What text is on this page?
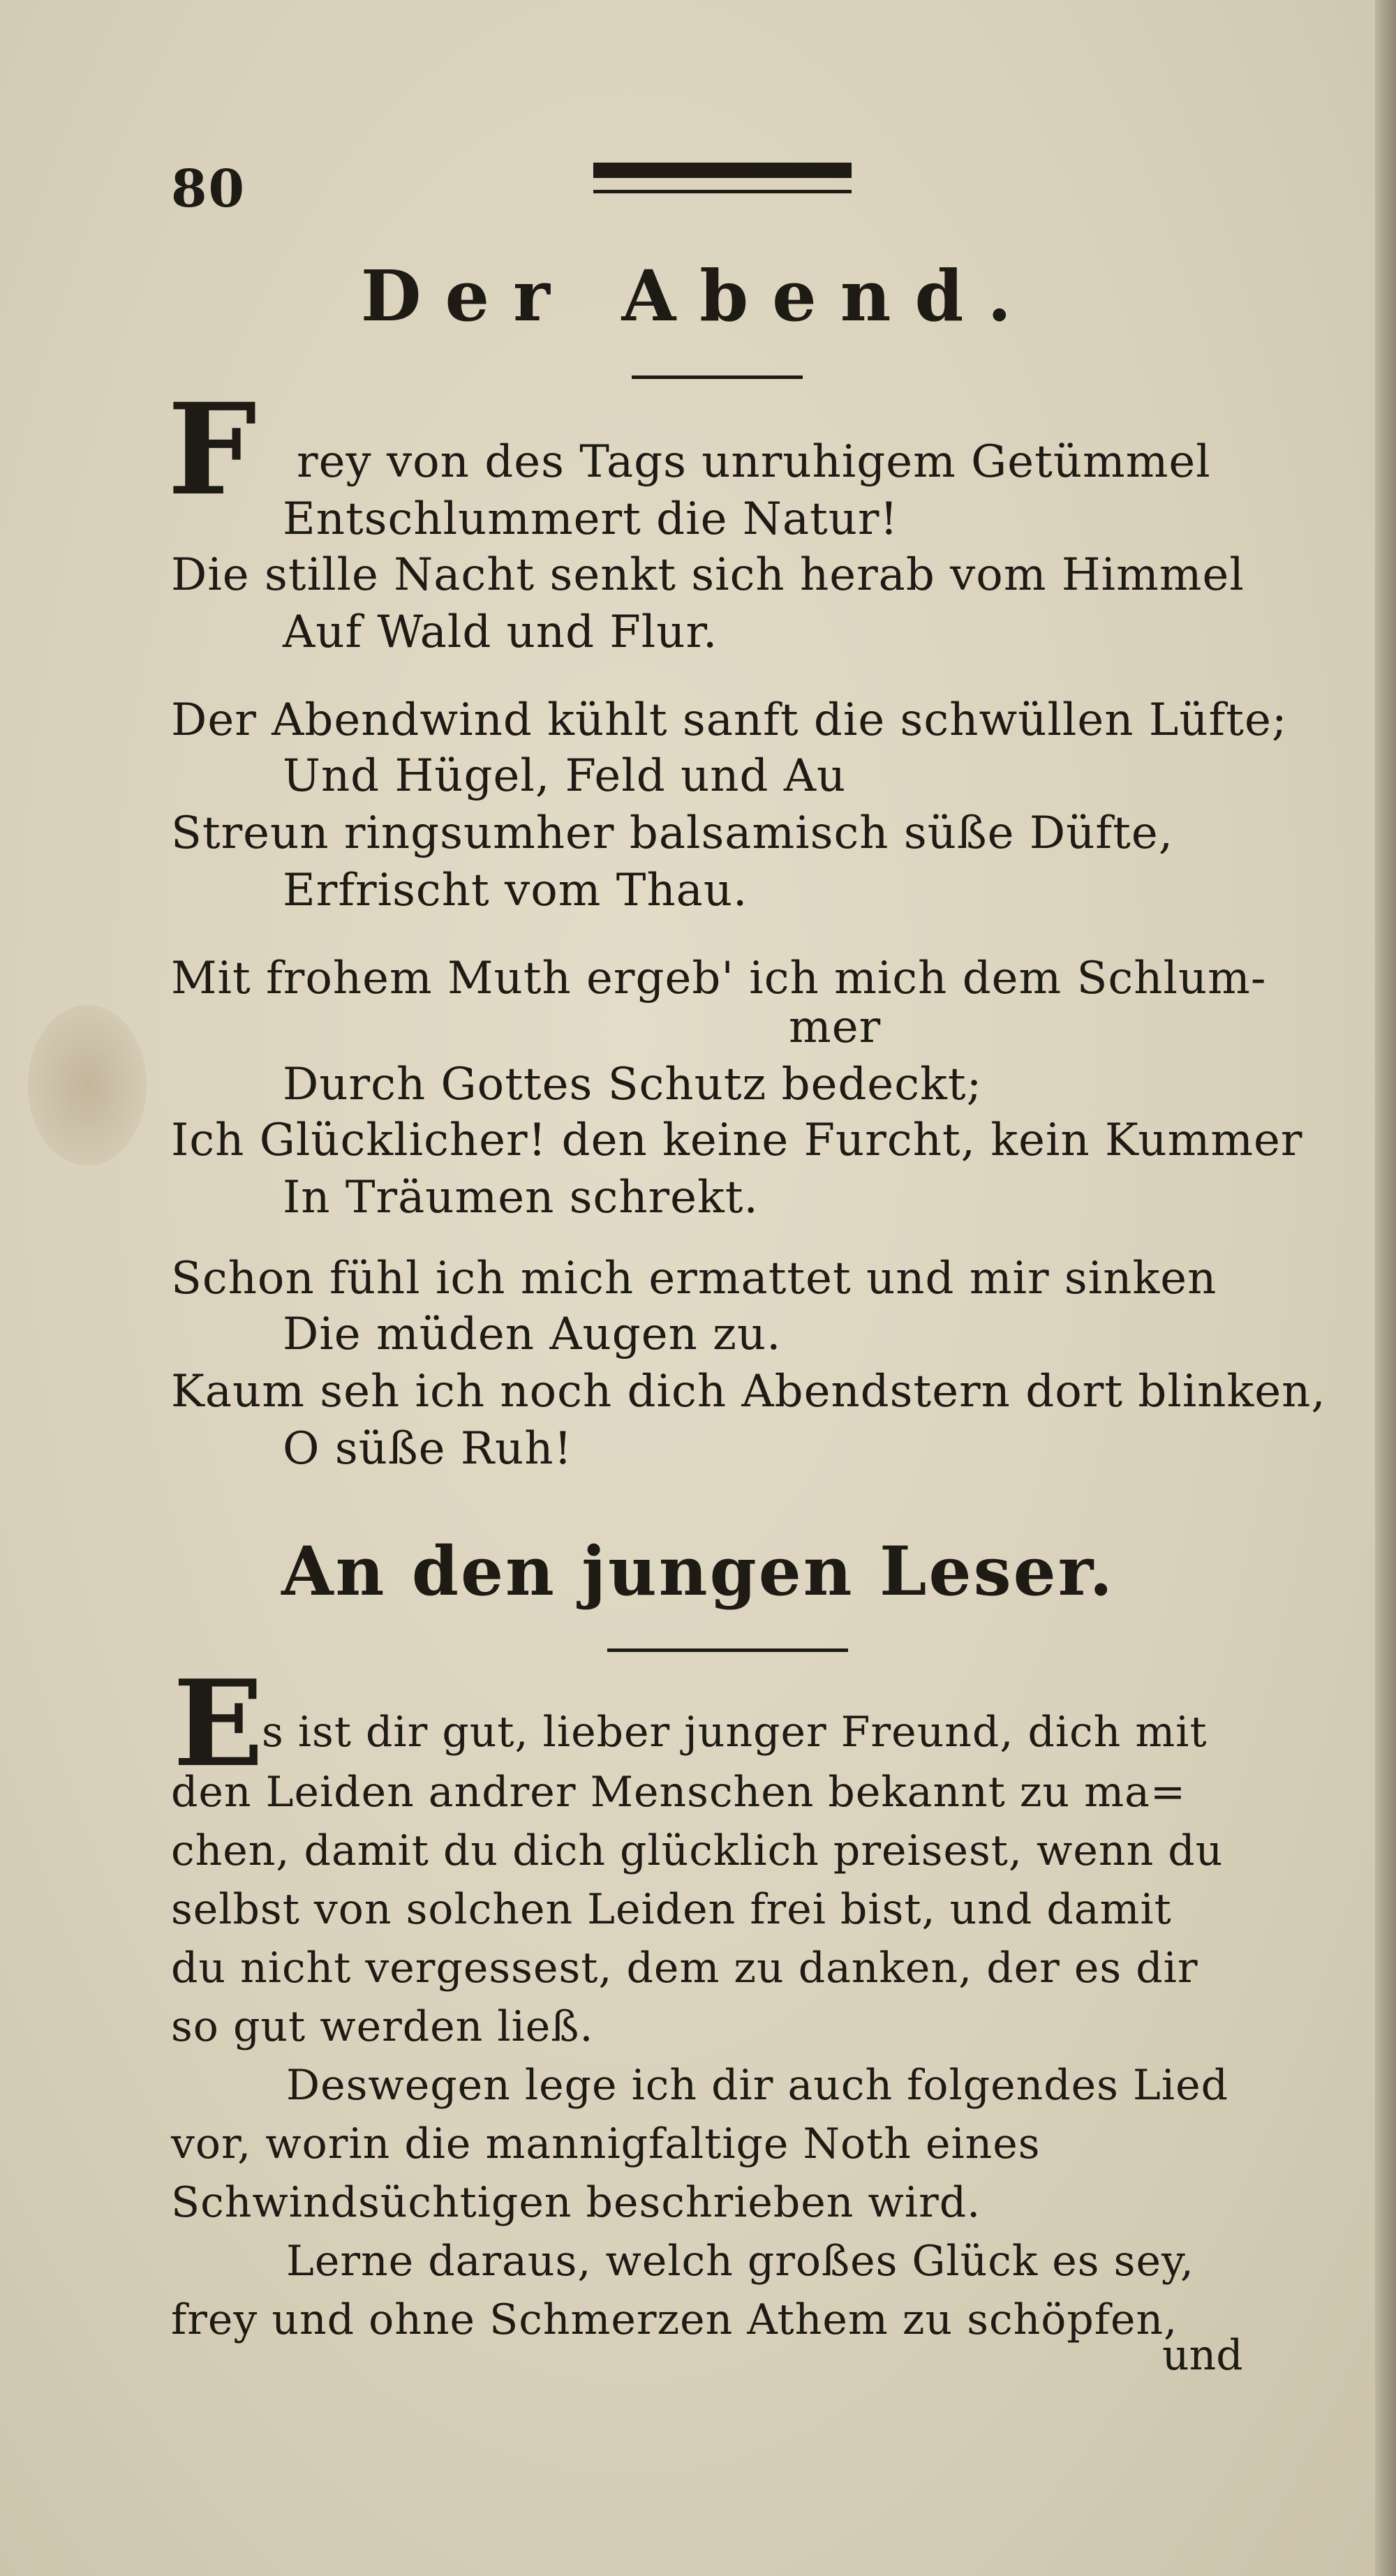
80
Der Abend.
F rey von des Tags unruhigem Getümmel
Entschlummert die Natur!
Die stille Nacht senkt sich herab vom Himmel
Auf Wald und Flur.
Der Abendwind kühlt sanft die schwüllen Lüfte;
Und Hügel, Feld und Au
Streun ringsumher balsamisch süße Düfte,
Erfrischt vom Thau.
Mit frohem Muth ergeb' ich mich dem Schlum-
mer
Durch Gottes Schutz bedeckt;
Ich Glücklicher! den keine Furcht, kein Kummer
In Träumen schrekt.
Schon fühl ich mich ermattet und mir sinken
Die müden Augen zu.
Kaum seh ich noch dich Abendstern dort blinken,
O süße Ruh!
An den jungen Leser.
E
s ist dir gut, lieber junger Freund, dich mit
den Leiden andrer Menschen bekannt zu ma=
chen, damit du dich glücklich preisest, wenn du
selbst von solchen Leiden frei bist, und damit
du nicht vergessest, dem zu danken, der es dir
so gut werden ließ.
Deswegen lege ich dir auch folgendes Lied
vor, worin die mannigfaltige Noth eines
Schwindsüchtigen beschrieben wird.
Lerne daraus, welch großes Glück es sey,
frey und ohne Schmerzen Athem zu schöpfen,
und
